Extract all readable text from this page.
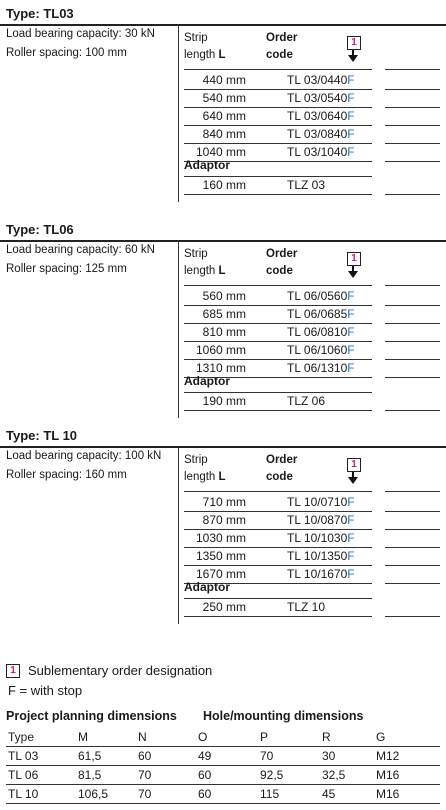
Type: TL03
Load bearing capacity: 30 kN
Roller spacing: 100 mm
Strip
length L
Order
code
1
440 mm	TL 03/0440F
540 mm	TL 03/0540F
640 mm	TL 03/0640F
840 mm	TL 03/0840F
1040 mm	TL 03/1040F
Adaptor
160 mm	TLZ 03
Type: TL06
Load bearing capacity: 60 kN
Roller spacing: 125 mm
Strip
length L
Order
code
1
560 mm	TL 06/0560F
685 mm	TL 06/0685F
810 mm	TL 06/0810F
1060 mm	TL 06/1060F
1310 mm	TL 06/1310F
Adaptor
190 mm	TLZ 06
Type: TL 10
Load bearing capacity: 100 kN
Roller spacing: 160 mm
Strip
length L
Order
code
1
710 mm	TL 10/0710F
870 mm	TL 10/0870F
1030 mm	TL 10/1030F
1350 mm	TL 10/1350F
1670 mm	TL 10/1670F
Adaptor
250 mm	TLZ 10
1 Sublementary order designation
F = with stop
Project planning dimensions Hole/mounting dimensions
Type	M	N	O	P	R	G
TL 03	61,5	60	49	70	30	M12
TL 06	81,5	70	60	92,5	32,5	M16
TL 10	106,5	70	60	115	45	M16
